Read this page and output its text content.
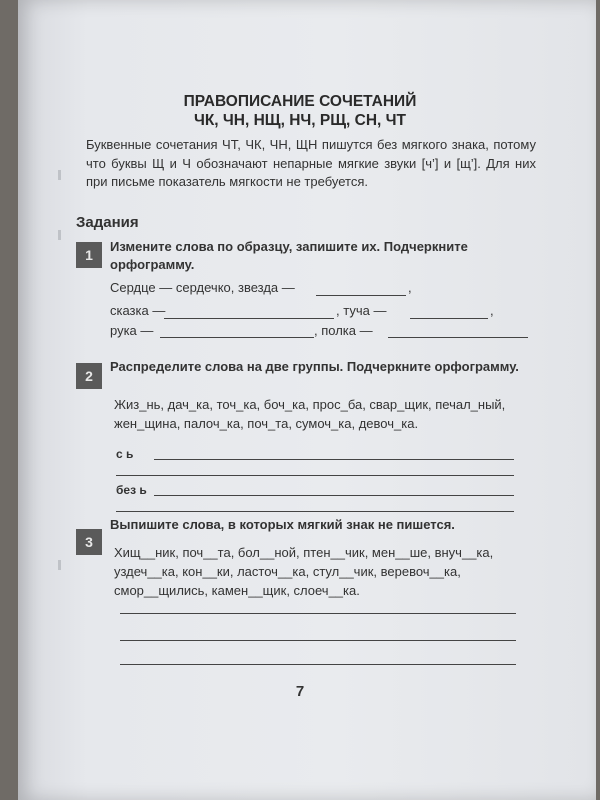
ПРАВОПИСАНИЕ СОЧЕТАНИЙ
ЧК, ЧН, НЩ, НЧ, РЩ, СН, ЧТ
Буквенные сочетания ЧТ, ЧК, ЧН, ЩН пишутся без мягкого знака, потому что буквы Щ и Ч обозначают непарные мягкие звуки [ч’] и [щ’]. Для них при письме показатель мягкости не требуется.
Задания
1
Измените слова по образцу, запишите их. Подчеркните орфограмму.
Сердце — сердечко, звезда —	,
сказка —	, туча —	,
рука —	, полка —
2
Распределите слова на две группы. Подчеркните орфограмму.
Жиз_нь, дач_ка, точ_ка, боч_ка, прос_ба, свар_щик, печал_ный, жен_щина, палоч_ка, поч_та, сумоч_ка, девоч_ка.
с ь
без ь
3
Выпишите слова, в которых мягкий знак не пишется.
Хищ__ник, поч__та, бол__ной, птен__чик, мен__ше, внуч__ка, уздеч__ка, кон__ки, ласточ__ка, стул__чик, веревоч__ка, смор__щились, камен__щик, слоеч__ка.
7
